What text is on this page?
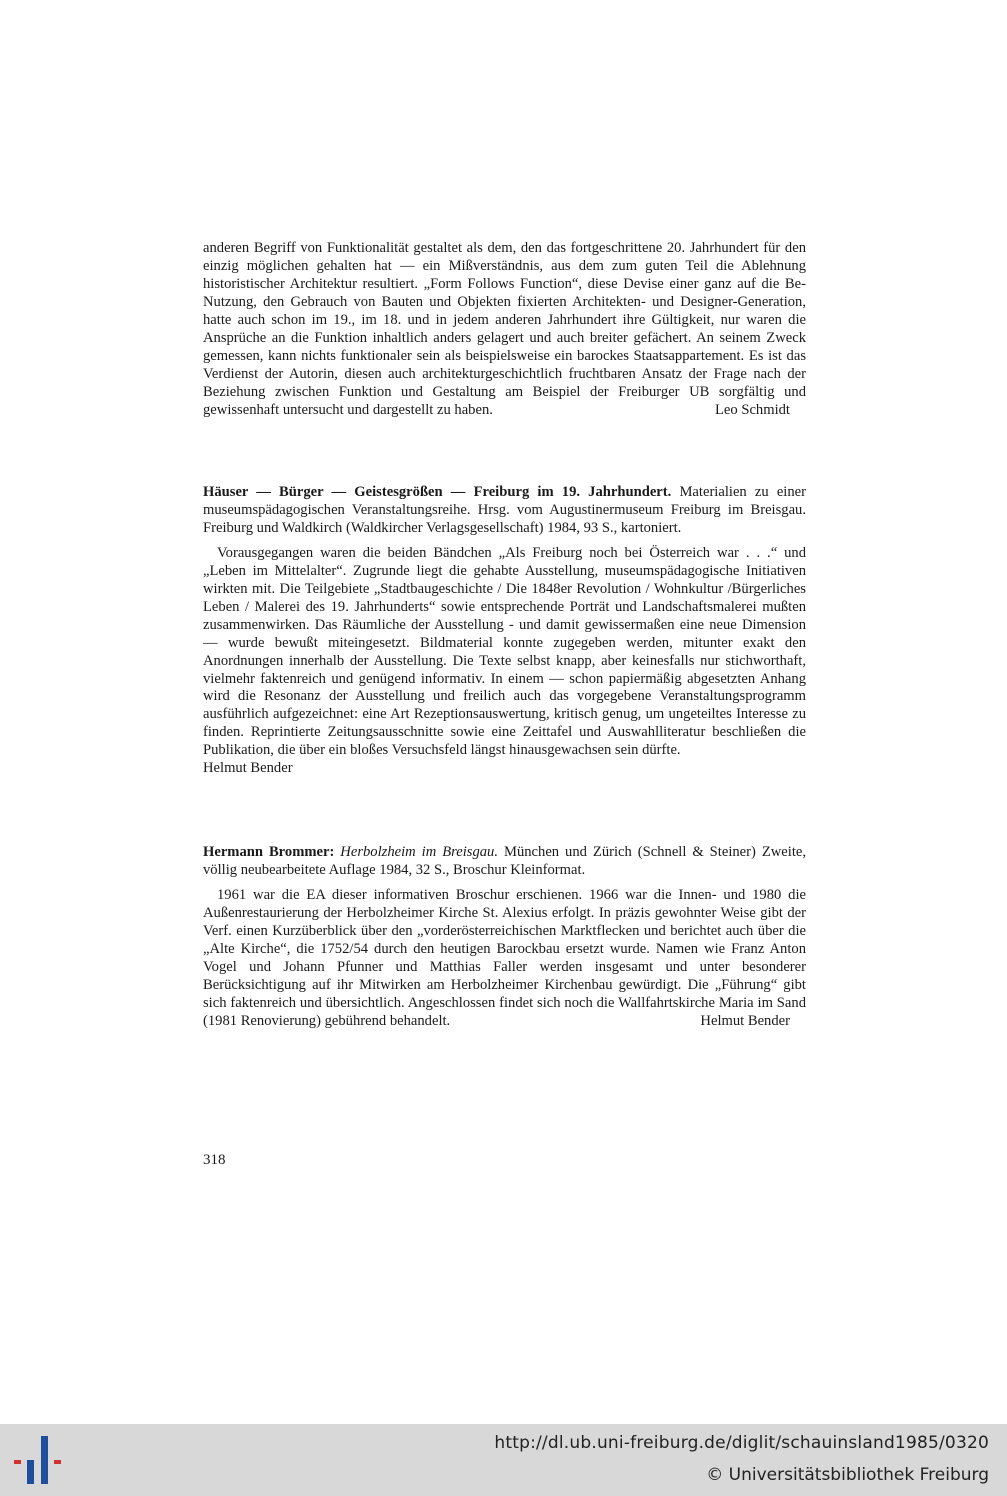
anderen Begriff von Funktionalität gestaltet als dem, den das fortgeschrittene 20. Jahrhundert für den einzig möglichen gehalten hat — ein Mißverständnis, aus dem zum guten Teil die Ablehnung historistischer Architektur resultiert. „Form Follows Function“, diese Devise einer ganz auf die Be-Nutzung, den Gebrauch von Bauten und Objekten fixierten Architekten- und Designer-Generation, hatte auch schon im 19., im 18. und in jedem anderen Jahrhundert ihre Gültigkeit, nur waren die Ansprüche an die Funktion inhaltlich anders gelagert und auch breiter gefächert. An seinem Zweck gemessen, kann nichts funktionaler sein als beispielsweise ein barockes Staatsappartement. Es ist das Verdienst der Autorin, diesen auch architekturgeschichtlich fruchtbaren Ansatz der Frage nach der Beziehung zwischen Funktion und Gestaltung am Beispiel der Freiburger UB sorgfältig und gewissenhaft untersucht und dargestellt zu haben.	Leo Schmidt

Häuser — Bürger — Geistesgrößen — Freiburg im 19. Jahrhundert. Materialien zu einer museumspädagogischen Veranstaltungsreihe. Hrsg. vom Augustinermuseum Freiburg im Breisgau. Freiburg und Waldkirch (Waldkircher Verlagsgesellschaft) 1984, 93 S., kartoniert.

Vorausgegangen waren die beiden Bändchen „Als Freiburg noch bei Österreich war . . .“ und „Leben im Mittelalter“. Zugrunde liegt die gehabte Ausstellung, museumspädagogische Initiativen wirkten mit. Die Teilgebiete „Stadtbaugeschichte / Die 1848er Revolution / Wohnkultur /Bürgerliches Leben / Malerei des 19. Jahrhunderts“ sowie entsprechende Porträt und Landschaftsmalerei mußten zusammenwirken. Das Räumliche der Ausstellung - und damit gewissermaßen eine neue Dimension — wurde bewußt miteingesetzt. Bildmaterial konnte zugegeben werden, mitunter exakt den Anordnungen innerhalb der Ausstellung. Die Texte selbst knapp, aber keinesfalls nur stichworthaft, vielmehr faktenreich und genügend informativ. In einem — schon papiermäßig abgesetzten Anhang wird die Resonanz der Ausstellung und freilich auch das vorgegebene Veranstaltungsprogramm ausführlich aufgezeichnet: eine Art Rezeptionsauswertung, kritisch genug, um ungeteiltes Interesse zu finden. Reprintierte Zeitungsausschnitte sowie eine Zeittafel und Auswahlliteratur beschließen die Publikation, die über ein bloßes Versuchsfeld längst hinausgewachsen sein dürfte.

Helmut Bender

Hermann Brommer: Herbolzheim im Breisgau. München und Zürich (Schnell & Steiner) Zweite, völlig neubearbeitete Auflage 1984, 32 S., Broschur Kleinformat.

1961 war die EA dieser informativen Broschur erschienen. 1966 war die Innen- und 1980 die Außenrestaurierung der Herbolzheimer Kirche St. Alexius erfolgt. In präzis gewohnter Weise gibt der Verf. einen Kurzüberblick über den „vorderösterreichischen Marktflecken und berichtet auch über die „Alte Kirche“, die 1752/54 durch den heutigen Barockbau ersetzt wurde. Namen wie Franz Anton Vogel und Johann Pfunner und Matthias Faller werden insgesamt und unter besonderer Berücksichtigung auf ihr Mitwirken am Herbolzheimer Kirchenbau gewürdigt. Die „Führung“ gibt sich faktenreich und übersichtlich. Angeschlossen findet sich noch die Wallfahrtskirche Maria im Sand (1981 Renovierung) gebührend behandelt.	Helmut Bender

318
http://dl.ub.uni-freiburg.de/diglit/schauinsland1985/0320
© Universitätsbibliothek Freiburg
